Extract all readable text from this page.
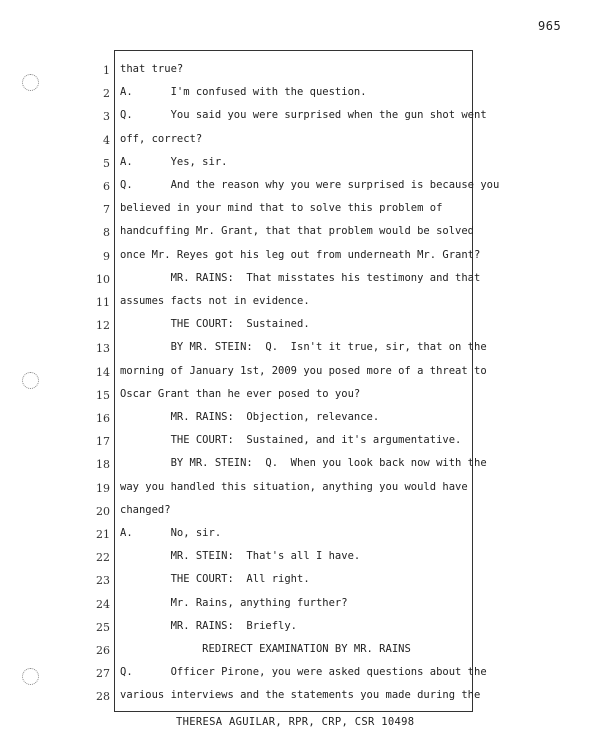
965
1 that true?
2 A.      I'm confused with the question.
3 Q.      You said you were surprised when the gun shot went
4 off, correct?
5 A.      Yes, sir.
6 Q.      And the reason why you were surprised is because you
7 believed in your mind that to solve this problem of
8 handcuffing Mr. Grant, that that problem would be solved
9 once Mr. Reyes got his leg out from underneath Mr. Grant?
10 MR. RAINS:  That misstates his testimony and that
11 assumes facts not in evidence.
12 THE COURT:  Sustained.
13 BY MR. STEIN:  Q.  Isn't it true, sir, that on the
14 morning of January 1st, 2009 you posed more of a threat to
15 Oscar Grant than he ever posed to you?
16 MR. RAINS:  Objection, relevance.
17 THE COURT:  Sustained, and it's argumentative.
18 BY MR. STEIN:  Q.  When you look back now with the
19 way you handled this situation, anything you would have
20 changed?
21 A.      No, sir.
22 MR. STEIN:  That's all I have.
23 THE COURT:  All right.
24 Mr. Rains, anything further?
25 MR. RAINS:  Briefly.
26 REDIRECT EXAMINATION BY MR. RAINS
27 Q.      Officer Pirone, you were asked questions about the
28 various interviews and the statements you made during the
THERESA AGUILAR, RPR, CRP, CSR 10498
